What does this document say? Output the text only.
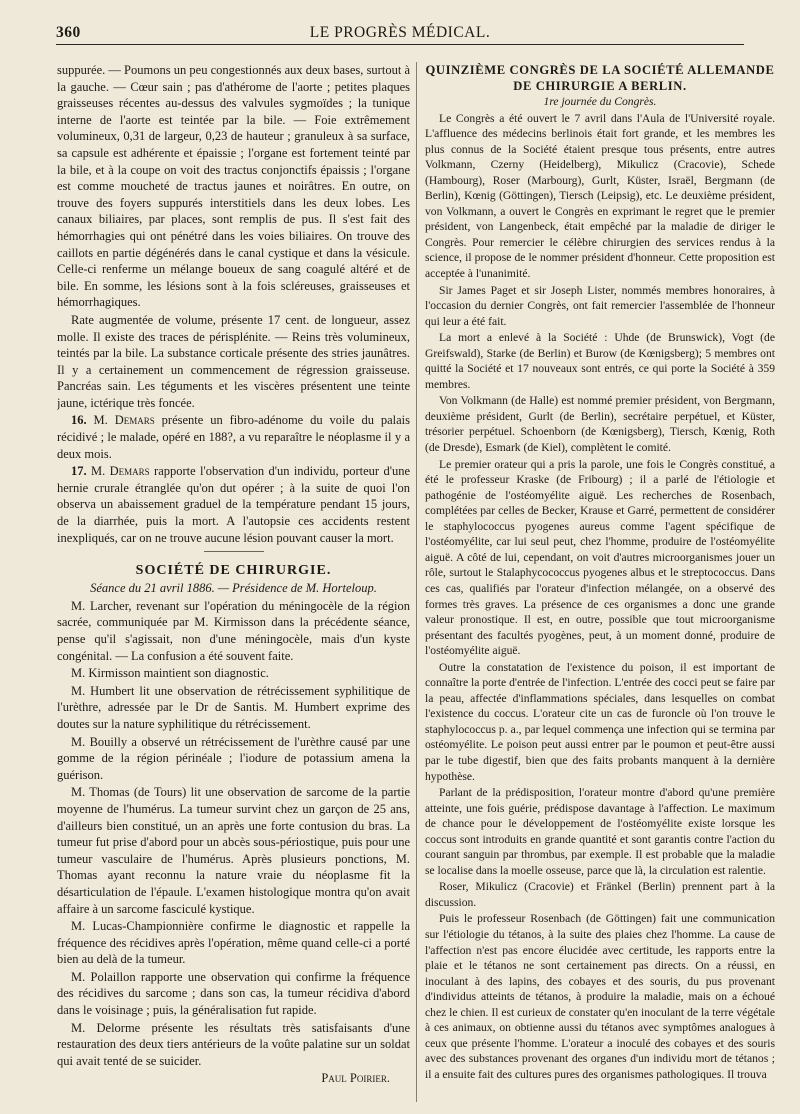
360	LE PROGRÈS MÉDICAL.

suppurée. — Poumons un peu congestionnés aux deux bases, surtout à la gauche. — Cœur sain ; pas d'athérome de l'aorte ; petites plaques graisseuses récentes au-dessus des valvules sygmoïdes ; la tunique interne de l'aorte est teintée par la bile. — Foie extrêmement volumineux, 0,31 de largeur, 0,23 de hauteur ; granuleux à sa surface, sa capsule est adhérente et épaissie ; l'organe est fortement teinté par la bile, et à la coupe on voit des tractus conjonctifs épaissis ; l'organe est comme moucheté de tractus jaunes et noirâtres. En outre, on trouve des foyers suppurés interstitiels dans les deux lobes. Les canaux biliaires, par places, sont remplis de pus. Il s'est fait des hémorrhagies qui ont pénétré dans les voies biliaires. On trouve des caillots en partie dégénérés dans le canal cystique et dans la vésicule. Celle-ci renferme un mélange boueux de sang coagulé altéré et de bile. En somme, les lésions sont à la fois scléreuses, graisseuses et hémorrhagiques.

Rate augmentée de volume, présente 17 cent. de longueur, assez molle. Il existe des traces de périsplénite. — Reins très volumineux, teintés par la bile. La substance corticale présente des stries jaunâtres. Il y a certainement un commencement de régression graisseuse. Pancréas sain. Les téguments et les viscères présentent une teinte jaune, ictérique très foncée.

16. M. Demars présente un fibro-adénome du voile du palais récidivé ; le malade, opéré en 188?, a vu reparaître le néoplasme il y a deux mois.

17. M. Demars rapporte l'observation d'un individu, porteur d'une hernie crurale étranglée qu'on dut opérer ; à la suite de quoi l'on observa un abaissement graduel de la température pendant 15 jours, de la diarrhée, puis la mort. A l'autopsie ces accidents restent inexpliqués, car on ne trouve aucune lésion pouvant causer la mort.

SOCIÉTÉ DE CHIRURGIE.

Séance du 21 avril 1886. — Présidence de M. Horteloup.

M. Larcher, revenant sur l'opération du méningocèle de la région sacrée, communiquée par M. Kirmisson dans la précédente séance, pense qu'il s'agissait, non d'une méningocèle, mais d'un kyste congénital. — La confusion a été souvent faite.

M. Kirmisson maintient son diagnostic.

M. Humbert lit une observation de rétrécissement syphilitique de l'urèthre, adressée par le Dr de Santis. M. Humbert exprime des doutes sur la nature syphilitique du rétrécissement.

M. Bouilly a observé un rétrécissement de l'urèthre causé par une gomme de la région périnéale ; l'iodure de potassium amena la guérison.

M. Thomas (de Tours) lit une observation de sarcome de la partie moyenne de l'humérus. La tumeur survint chez un garçon de 25 ans, d'ailleurs bien constitué, un an après une forte contusion du bras. La tumeur fut prise d'abord pour un abcès sous-périostique, puis pour une tumeur vasculaire de l'humérus. Après plusieurs ponctions, M. Thomas ayant reconnu la nature vraie du néoplasme fit la désarticulation de l'épaule. L'examen histologique montra qu'on avait affaire à un sarcome fasciculé kystique.

M. Lucas-Championnière confirme le diagnostic et rappelle la fréquence des récidives après l'opération, même quand celle-ci a porté bien au delà de la tumeur.

M. Polaillon rapporte une observation qui confirme la fréquence des récidives du sarcome ; dans son cas, la tumeur récidiva d'abord dans le voisinage ; puis, la généralisation fut rapide.

M. Delorme présente les résultats très satisfaisants d'une restauration des deux tiers antérieurs de la voûte palatine sur un soldat qui avait tenté de se suicider.

Paul Poirier.

QUINZIÈME CONGRÈS DE LA SOCIÉTÉ ALLEMANDE DE CHIRURGIE A BERLIN.

1re journée du Congrès.

Le Congrès a été ouvert le 7 avril dans l'Aula de l'Université royale. L'affluence des médecins berlinois était fort grande, et les membres les plus connus de la Société étaient presque tous présents, entre autres Volkmann, Czerny (Heidelberg), Mikulicz (Cracovie), Schede (Hambourg), Roser (Marbourg), Gurlt, Küster, Israël, Bergmann (de Berlin), Kœnig (Göttingen), Tiersch (Leipsig), etc. Le deuxième président, von Volkmann, a ouvert le Congrès en exprimant le regret que le premier président, von Langenbeck, était empêché par la maladie de diriger le Congrès. Pour remercier le célèbre chirurgien des services rendus à la science, il propose de le nommer président d'honneur. Cette proposition est acceptée à l'unanimité.

Sir James Paget et sir Joseph Lister, nommés membres honoraires, à l'occasion du dernier Congrès, ont fait remercier l'assemblée de l'honneur qui leur a été fait.

La mort a enlevé à la Société : Uhde (de Brunswick), Vogt (de Greifswald), Starke (de Berlin) et Burow (de Kœnigsberg); 5 membres ont quitté la Société et 17 nouveaux sont entrés, ce qui porte la Société à 359 membres.

Von Volkmann (de Halle) est nommé premier président, von Bergmann, deuxième président, Gurlt (de Berlin), secrétaire perpétuel, et Küster, trésorier perpétuel. Schoenborn (de Kœnigsberg), Tiersch, Kœnig, Roth (de Dresde), Esmark (de Kiel), complètent le comité.

Le premier orateur qui a pris la parole, une fois le Congrès constitué, a été le professeur Kraske (de Fribourg) ; il a parlé de l'étiologie et pathogénie de l'ostéomyélite aiguë. Les recherches de Rosenbach, complétées par celles de Becker, Krause et Garré, permettent de considérer le staphylococcus pyogenes aureus comme l'agent spécifique de l'ostéomyélite, car lui seul peut, chez l'homme, produire de l'ostéomyélite aiguë. A côté de lui, cependant, on voit d'autres microorganismes jouer un rôle, surtout le Stalaphycococcus pyogenes albus et le streptococcus. Dans ces cas, qualifiés par l'orateur d'infection mélangée, on a observé des formes très graves. La présence de ces organismes a donc une grande valeur pronostique. Il est, en outre, possible que tout microorganisme présentant des facultés pyogènes, peut, à un moment donné, produire de l'ostéomyélite aiguë.

Outre la constatation de l'existence du poison, il est important de connaître la porte d'entrée de l'infection. L'entrée des cocci peut se faire par la peau, affectée d'inflammations spéciales, dans lesquelles on combat l'existence du coccus. L'orateur cite un cas de furoncle où l'on trouve le staphylococcus p. a., par lequel commença une infection qui se termina par ostéomyélite. Le poison peut aussi entrer par le poumon et peut-être aussi par le tube digestif, bien que des faits probants manquent à la dernière hypothèse.

Parlant de la prédisposition, l'orateur montre d'abord qu'une première atteinte, une fois guérie, prédispose davantage à l'affection. Le maximum de chance pour le développement de l'ostéomyélite existe lorsque les coccus sont introduits en grande quantité et sont garantis contre l'action du courant sanguin par thrombus, par exemple. Il est probable que la maladie se localise dans la moelle osseuse, parce que là, la circulation est ralentie.

Roser, Mikulicz (Cracovie) et Fränkel (Berlin) prennent part à la discussion.

Puis le professeur Rosenbach (de Göttingen) fait une communication sur l'étiologie du tétanos, à la suite des plaies chez l'homme. La cause de l'affection n'est pas encore élucidée avec certitude, les rapports entre la plaie et le tétanos ne sont certainement pas directs. On a réussi, en inoculant à des lapins, des cobayes et des souris, du pus provenant d'individus atteints de tétanos, à produire la maladie, mais on a échoué chez le chien. Il est curieux de constater qu'en inoculant de la terre végétale à ces animaux, on obtienne aussi du tétanos avec symptômes analogues à ceux que présente l'homme. L'orateur a inoculé des cobayes et des souris avec des substances provenant des organes d'un individu mort de tétanos ; il a ensuite fait des cultures pures des organismes pathologiques. Il trouva
